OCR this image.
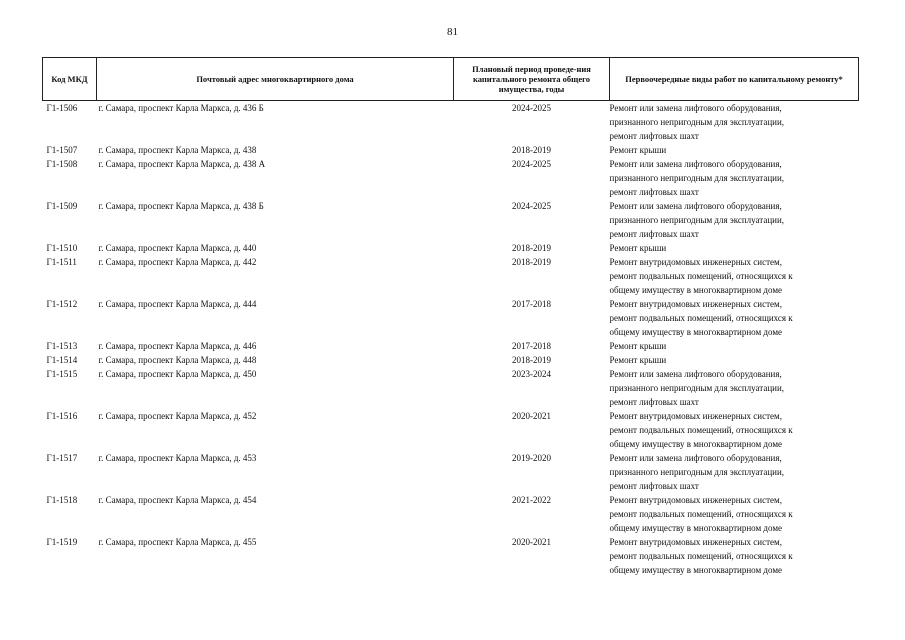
81
Код МКД	Почтовый адрес многоквартирного дома	Плановый период проведе-ния капитального ремонта общего имущества, годы	Первоочередные виды работ по капитальному ремонту*
Г1-1506	г. Самара, проспект Карла Маркса, д. 436 Б	2024-2025	Ремонт или замена лифтового оборудования,
признанного непригодным для эксплуатации,
ремонт лифтовых шахт

Г1-1507	г. Самара, проспект Карла Маркса, д. 438	2018-2019	Ремонт крыши

Г1-1508	г. Самара, проспект Карла Маркса, д. 438 А	2024-2025	Ремонт или замена лифтового оборудования,
признанного непригодным для эксплуатации,
ремонт лифтовых шахт

Г1-1509	г. Самара, проспект Карла Маркса, д. 438 Б	2024-2025	Ремонт или замена лифтового оборудования,
признанного непригодным для эксплуатации,
ремонт лифтовых шахт

Г1-1510	г. Самара, проспект Карла Маркса, д. 440	2018-2019	Ремонт крыши

Г1-1511	г. Самара, проспект Карла Маркса, д. 442	2018-2019	Ремонт внутридомовых инженерных систем,
ремонт подвальных помещений, относящихся к
общему имуществу в многоквартирном доме

Г1-1512	г. Самара, проспект Карла Маркса, д. 444	2017-2018	Ремонт внутридомовых инженерных систем,
ремонт подвальных помещений, относящихся к
общему имуществу в многоквартирном доме

Г1-1513	г. Самара, проспект Карла Маркса, д. 446	2017-2018	Ремонт крыши

Г1-1514	г. Самара, проспект Карла Маркса, д. 448	2018-2019	Ремонт крыши

Г1-1515	г. Самара, проспект Карла Маркса, д. 450	2023-2024	Ремонт или замена лифтового оборудования,
признанного непригодным для эксплуатации,
ремонт лифтовых шахт

Г1-1516	г. Самара, проспект Карла Маркса, д. 452	2020-2021	Ремонт внутридомовых инженерных систем,
ремонт подвальных помещений, относящихся к
общему имуществу в многоквартирном доме

Г1-1517	г. Самара, проспект Карла Маркса, д. 453	2019-2020	Ремонт или замена лифтового оборудования,
признанного непригодным для эксплуатации,
ремонт лифтовых шахт

Г1-1518	г. Самара, проспект Карла Маркса, д. 454	2021-2022	Ремонт внутридомовых инженерных систем,
ремонт подвальных помещений, относящихся к
общему имуществу в многоквартирном доме

Г1-1519	г. Самара, проспект Карла Маркса, д. 455	2020-2021	Ремонт внутридомовых инженерных систем,
ремонт подвальных помещений, относящихся к
общему имуществу в многоквартирном доме
